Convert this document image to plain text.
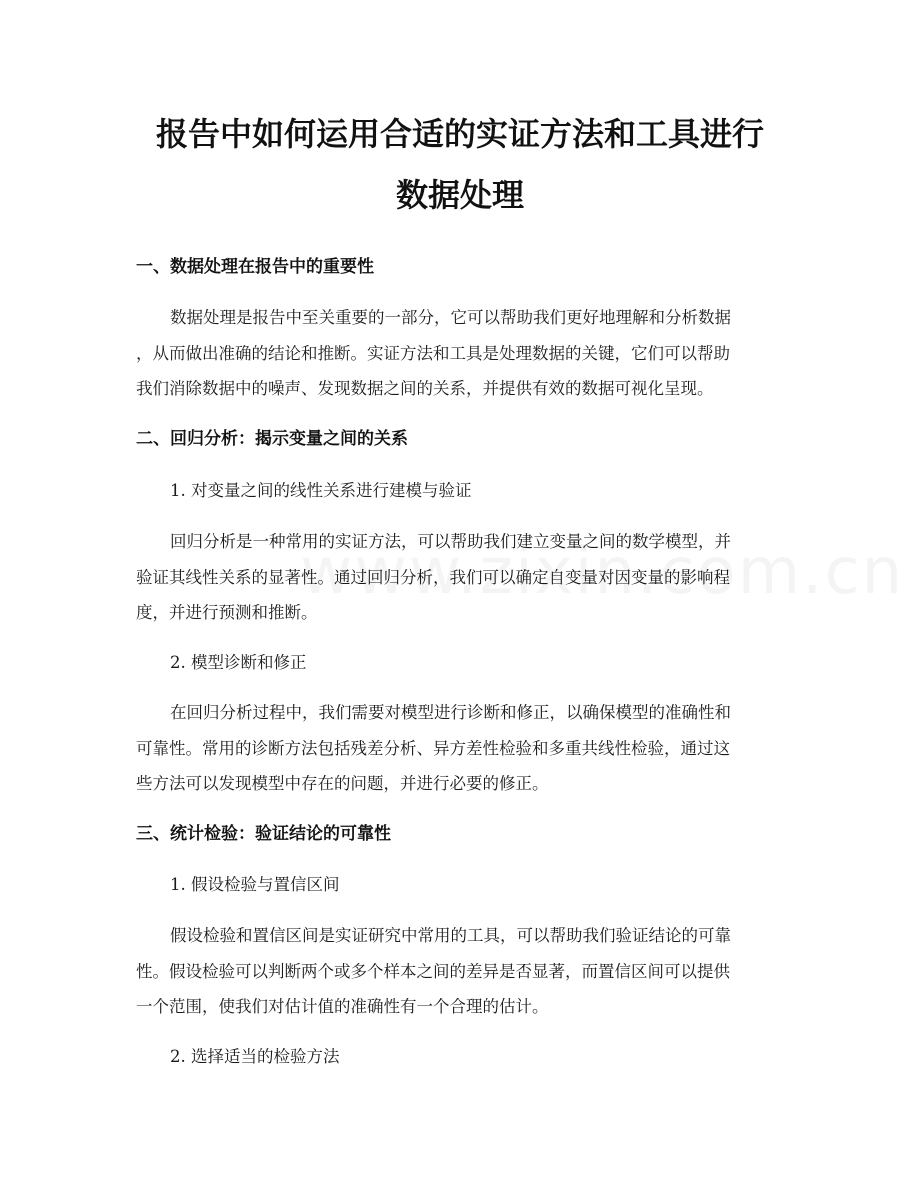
报告中如何运用合适的实证方法和工具进行
数据处理
一、数据处理在报告中的重要性

数据处理是报告中至关重要的一部分，它可以帮助我们更好地理解和分析数据

，从而做出准确的结论和推断。实证方法和工具是处理数据的关键，它们可以帮助

我们消除数据中的噪声、发现数据之间的关系，并提供有效的数据可视化呈现。

二、回归分析：揭示变量之间的关系

1. 对变量之间的线性关系进行建模与验证

回归分析是一种常用的实证方法，可以帮助我们建立变量之间的数学模型，并

验证其线性关系的显著性。通过回归分析，我们可以确定自变量对因变量的影响程

度，并进行预测和推断。

2. 模型诊断和修正

在回归分析过程中，我们需要对模型进行诊断和修正，以确保模型的准确性和

可靠性。常用的诊断方法包括残差分析、异方差性检验和多重共线性检验，通过这

些方法可以发现模型中存在的问题，并进行必要的修正。

三、统计检验：验证结论的可靠性

1. 假设检验与置信区间

假设检验和置信区间是实证研究中常用的工具，可以帮助我们验证结论的可靠

性。假设检验可以判断两个或多个样本之间的差异是否显著，而置信区间可以提供

一个范围，使我们对估计值的准确性有一个合理的估计。

2. 选择适当的检验方法
